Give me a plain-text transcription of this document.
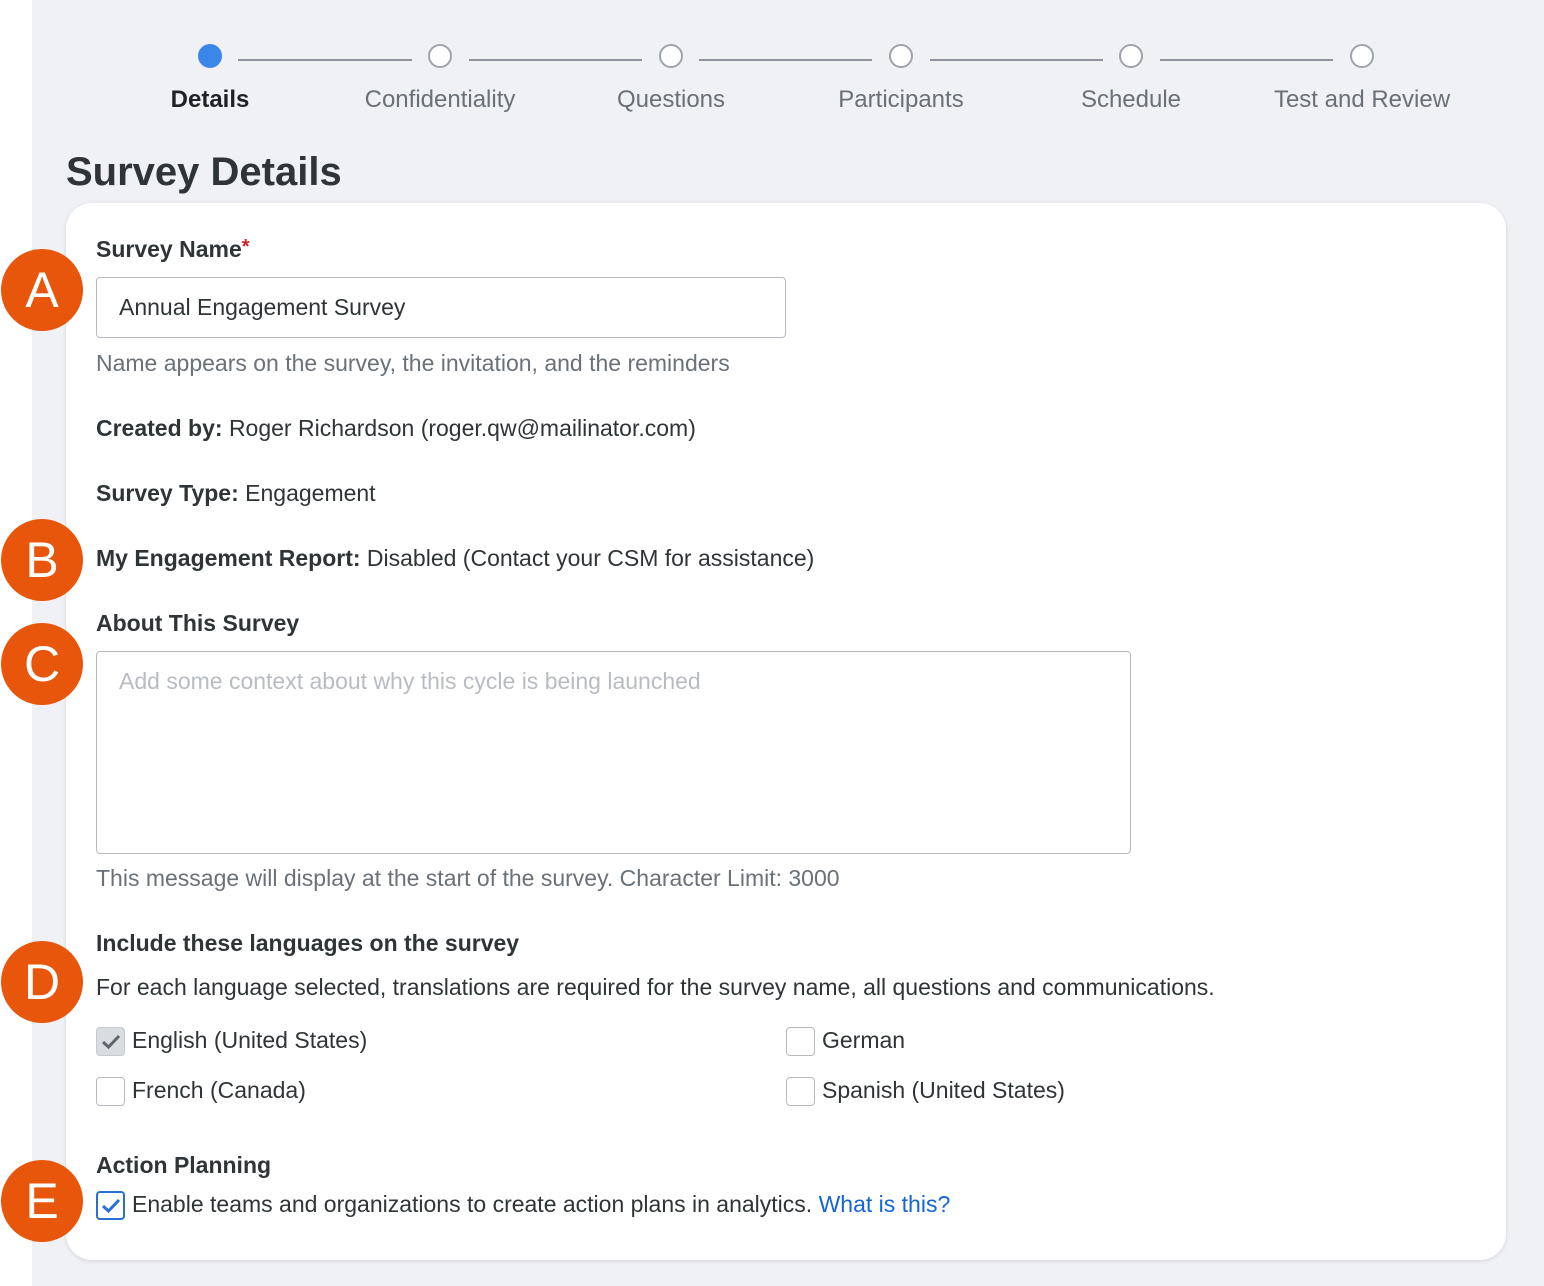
Details	Confidentiality	Questions	Participants	Schedule	Test and Review
Survey Details
Survey Name*
Annual Engagement Survey
Name appears on the survey, the invitation, and the reminders
Created by: Roger Richardson (roger.qw@mailinator.com)
Survey Type: Engagement
My Engagement Report: Disabled (Contact your CSM for assistance)
About This Survey
Add some context about why this cycle is being launched
This message will display at the start of the survey. Character Limit: 3000
Include these languages on the survey
For each language selected, translations are required for the survey name, all questions and communications.
English (United States)	German
French (Canada)	Spanish (United States)
Action Planning
Enable teams and organizations to create action plans in analytics. What is this?
A
B
C
D
E
